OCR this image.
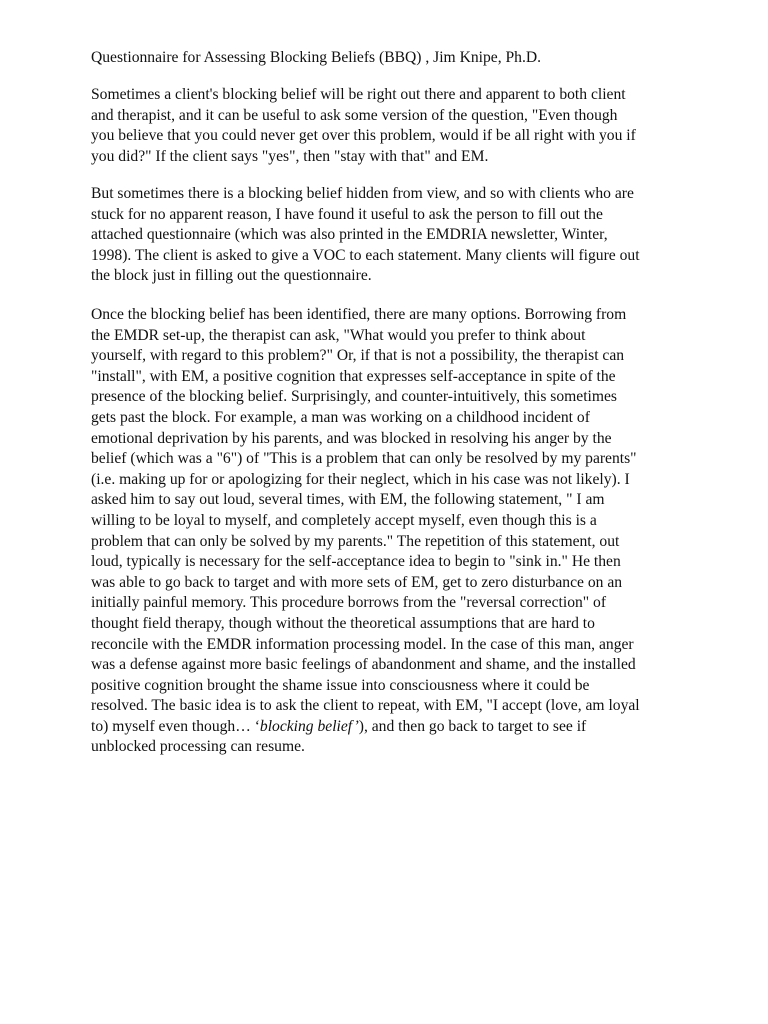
Questionnaire for Assessing Blocking Beliefs (BBQ) , Jim Knipe, Ph.D.

Sometimes a client's blocking belief will be right out there and apparent to both client
and therapist, and it can be useful to ask some version of the question, "Even though
you believe that you could never get over this problem, would if be all right with you if
you did?" If the client says "yes", then "stay with that" and EM.

But sometimes there is a blocking belief hidden from view, and so with clients who are
stuck for no apparent reason, I have found it useful to ask the person to fill out the
attached questionnaire (which was also printed in the EMDRIA newsletter, Winter,
1998). The client is asked to give a VOC to each statement. Many clients will figure out
the block just in filling out the questionnaire.

Once the blocking belief has been identified, there are many options. Borrowing from
the EMDR set-up, the therapist can ask, "What would you prefer to think about
yourself, with regard to this problem?" Or, if that is not a possibility, the therapist can
"install", with EM, a positive cognition that expresses self-acceptance in spite of the
presence of the blocking belief. Surprisingly, and counter-intuitively, this sometimes
gets past the block. For example, a man was working on a childhood incident of
emotional deprivation by his parents, and was blocked in resolving his anger by the
belief (which was a "6") of "This is a problem that can only be resolved by my parents"
(i.e. making up for or apologizing for their neglect, which in his case was not likely). I
asked him to say out loud, several times, with EM, the following statement, " I am
willing to be loyal to myself, and completely accept myself, even though this is a
problem that can only be solved by my parents." The repetition of this statement, out
loud, typically is necessary for the self-acceptance idea to begin to "sink in." He then
was able to go back to target and with more sets of EM, get to zero disturbance on an
initially painful memory. This procedure borrows from the "reversal correction" of
thought field therapy, though without the theoretical assumptions that are hard to
reconcile with the EMDR information processing model. In the case of this man, anger
was a defense against more basic feelings of abandonment and shame, and the installed
positive cognition brought the shame issue into consciousness where it could be
resolved. The basic idea is to ask the client to repeat, with EM, "I accept (love, am loyal
to) myself even though… ‘blocking belief’), and then go back to target to see if
unblocked processing can resume.
